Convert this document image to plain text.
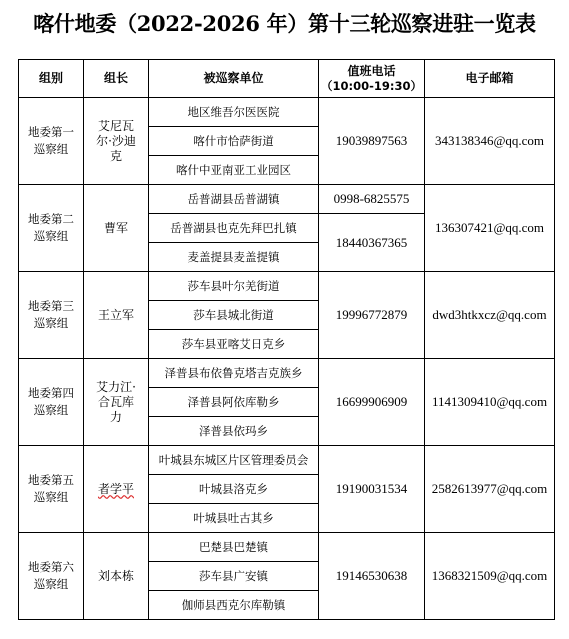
喀什地委（2022-2026 年）第十三轮巡察进驻一览表
组别	组长	被巡察单位	值班电话
（10:00-19:30）	电子邮箱
地委第一巡察组	艾尼瓦尔·沙迪克	地区维吾尔医医院	19039897563	343138346@qq.com
		喀什市恰萨街道		
		喀什中亚南亚工业园区		
地委第二巡察组	曹军	岳普湖县岳普湖镇	0998-6825575	136307421@qq.com
		岳普湖县也克先拜巴扎镇	18440367365	
		麦盖提县麦盖提镇		
地委第三巡察组	王立军	莎车县叶尔羌街道	19996772879	dwd3htkxcz@qq.com
		莎车县城北街道		
		莎车县亚喀艾日克乡		
地委第四巡察组	艾力江·合瓦库力	泽普县布依鲁克塔吉克族乡	16699906909	1141309410@qq.com
		泽普县阿依库勒乡		
		泽普县依玛乡		
地委第五巡察组	者学平	叶城县东城区片区管理委员会	19190031534	2582613977@qq.com
		叶城县洛克乡		
		叶城县吐古其乡		
地委第六巡察组	刘本栋	巴楚县巴楚镇	19146530638	1368321509@qq.com
		莎车县广安镇		
		伽师县西克尔库勒镇		
